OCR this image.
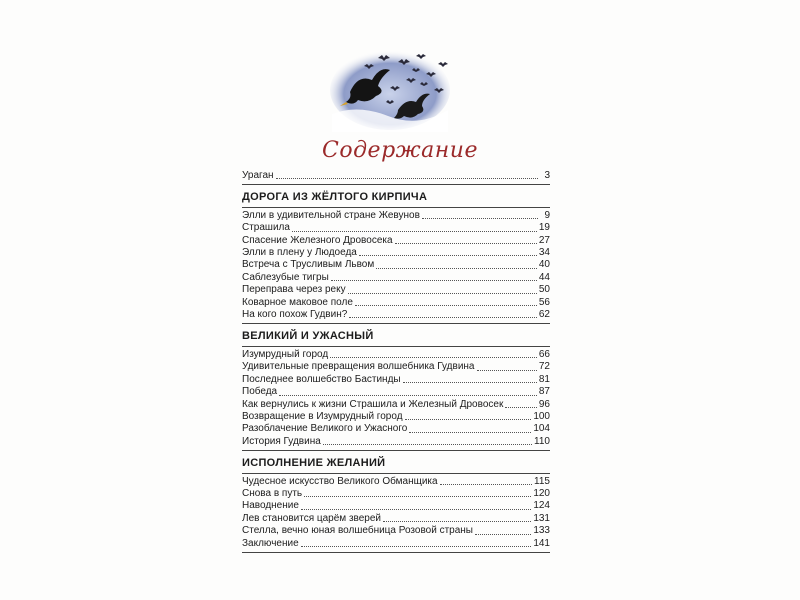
Содержание
Ураган	3
ДОРОГА ИЗ ЖЁЛТОГО КИРПИЧА
Элли в удивительной стране Жевунов	9
Страшила	19
Спасение Железного Дровосека	27
Элли в плену у Людоеда	34
Встреча с Трусливым Львом	40
Саблезубые тигры	44
Переправа через реку	50
Коварное маковое поле	56
На кого похож Гудвин?	62
ВЕЛИКИЙ И УЖАСНЫЙ
Изумрудный город	66
Удивительные превращения волшебника Гудвина	72
Последнее волшебство Бастинды	81
Победа	87
Как вернулись к жизни Страшила и Железный Дровосек	96
Возвращение в Изумрудный город	100
Разоблачение Великого и Ужасного	104
История Гудвина	110
ИСПОЛНЕНИЕ ЖЕЛАНИЙ
Чудесное искусство Великого Обманщика	115
Снова в путь	120
Наводнение	124
Лев становится царём зверей	131
Стелла, вечно юная волшебница Розовой страны	133
Заключение	141
